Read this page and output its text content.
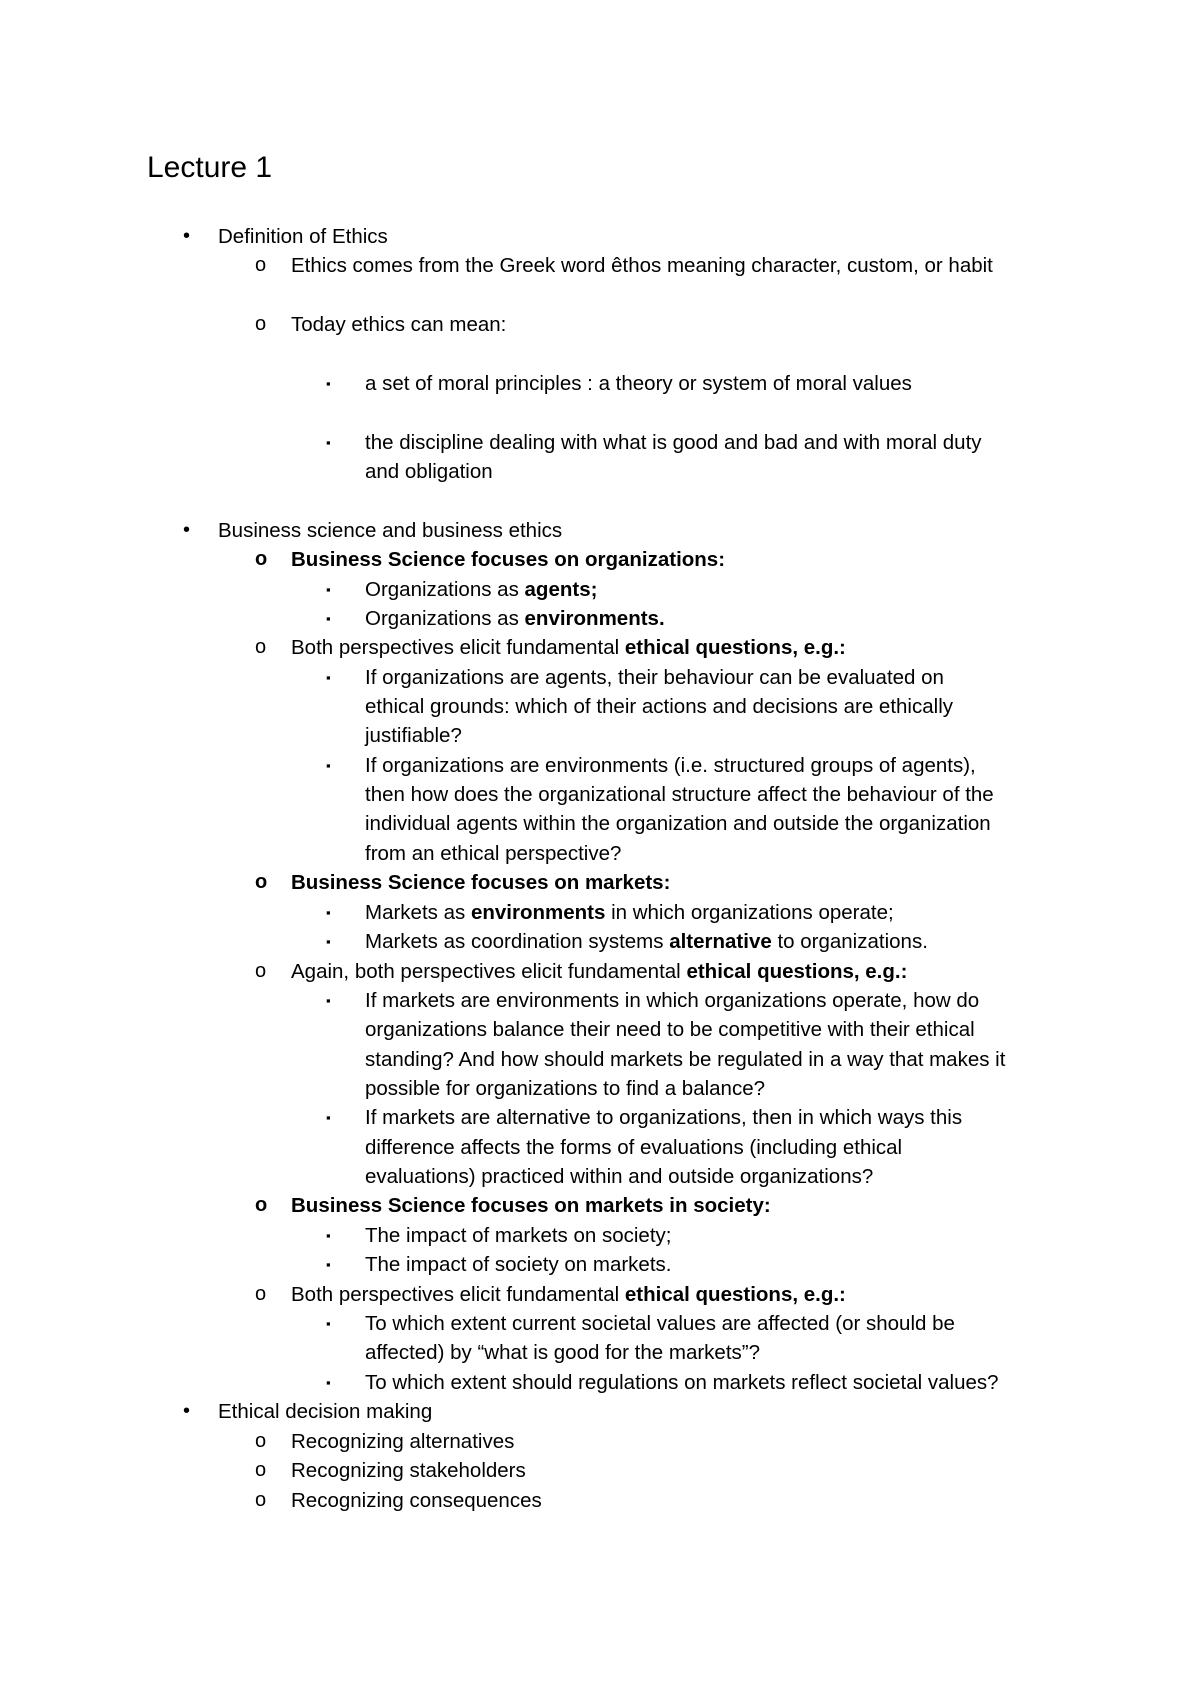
Lecture 1
• Definition of Ethics
o Ethics comes from the Greek word êthos meaning character, custom, or habit
o Today ethics can mean:
▪ a set of moral principles : a theory or system of moral values
▪ the discipline dealing with what is good and bad and with moral duty
and obligation
• Business science and business ethics
o Business Science focuses on organizations:
▪ Organizations as agents;
▪ Organizations as environments.
o Both perspectives elicit fundamental ethical questions, e.g.:
▪ If organizations are agents, their behaviour can be evaluated on
ethical grounds: which of their actions and decisions are ethically
justifiable?
▪ If organizations are environments (i.e. structured groups of agents),
then how does the organizational structure affect the behaviour of the
individual agents within the organization and outside the organization
from an ethical perspective?
o Business Science focuses on markets:
▪ Markets as environments in which organizations operate;
▪ Markets as coordination systems alternative to organizations.
o Again, both perspectives elicit fundamental ethical questions, e.g.:
▪ If markets are environments in which organizations operate, how do
organizations balance their need to be competitive with their ethical
standing? And how should markets be regulated in a way that makes it
possible for organizations to find a balance?
▪ If markets are alternative to organizations, then in which ways this
difference affects the forms of evaluations (including ethical
evaluations) practiced within and outside organizations?
o Business Science focuses on markets in society:
▪ The impact of markets on society;
▪ The impact of society on markets.
o Both perspectives elicit fundamental ethical questions, e.g.:
▪ To which extent current societal values are affected (or should be
affected) by “what is good for the markets”?
▪ To which extent should regulations on markets reflect societal values?
• Ethical decision making
o Recognizing alternatives
o Recognizing stakeholders
o Recognizing consequences
